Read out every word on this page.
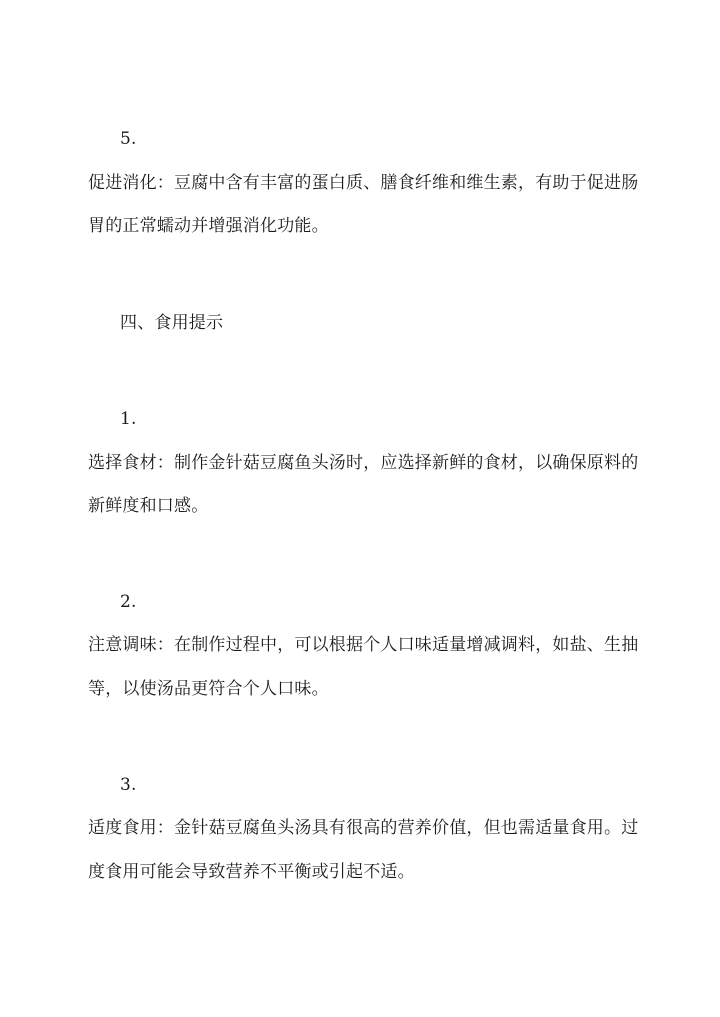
5.
促进消化：豆腐中含有丰富的蛋白质、膳食纤维和维生素，有助于促进肠
胃的正常蠕动并增强消化功能。
四、食用提示
1.
选择食材：制作金针菇豆腐鱼头汤时，应选择新鲜的食材，以确保原料的
新鲜度和口感。
2.
注意调味：在制作过程中，可以根据个人口味适量增减调料，如盐、生抽
等，以使汤品更符合个人口味。
3.
适度食用：金针菇豆腐鱼头汤具有很高的营养价值，但也需适量食用。过
度食用可能会导致营养不平衡或引起不适。
